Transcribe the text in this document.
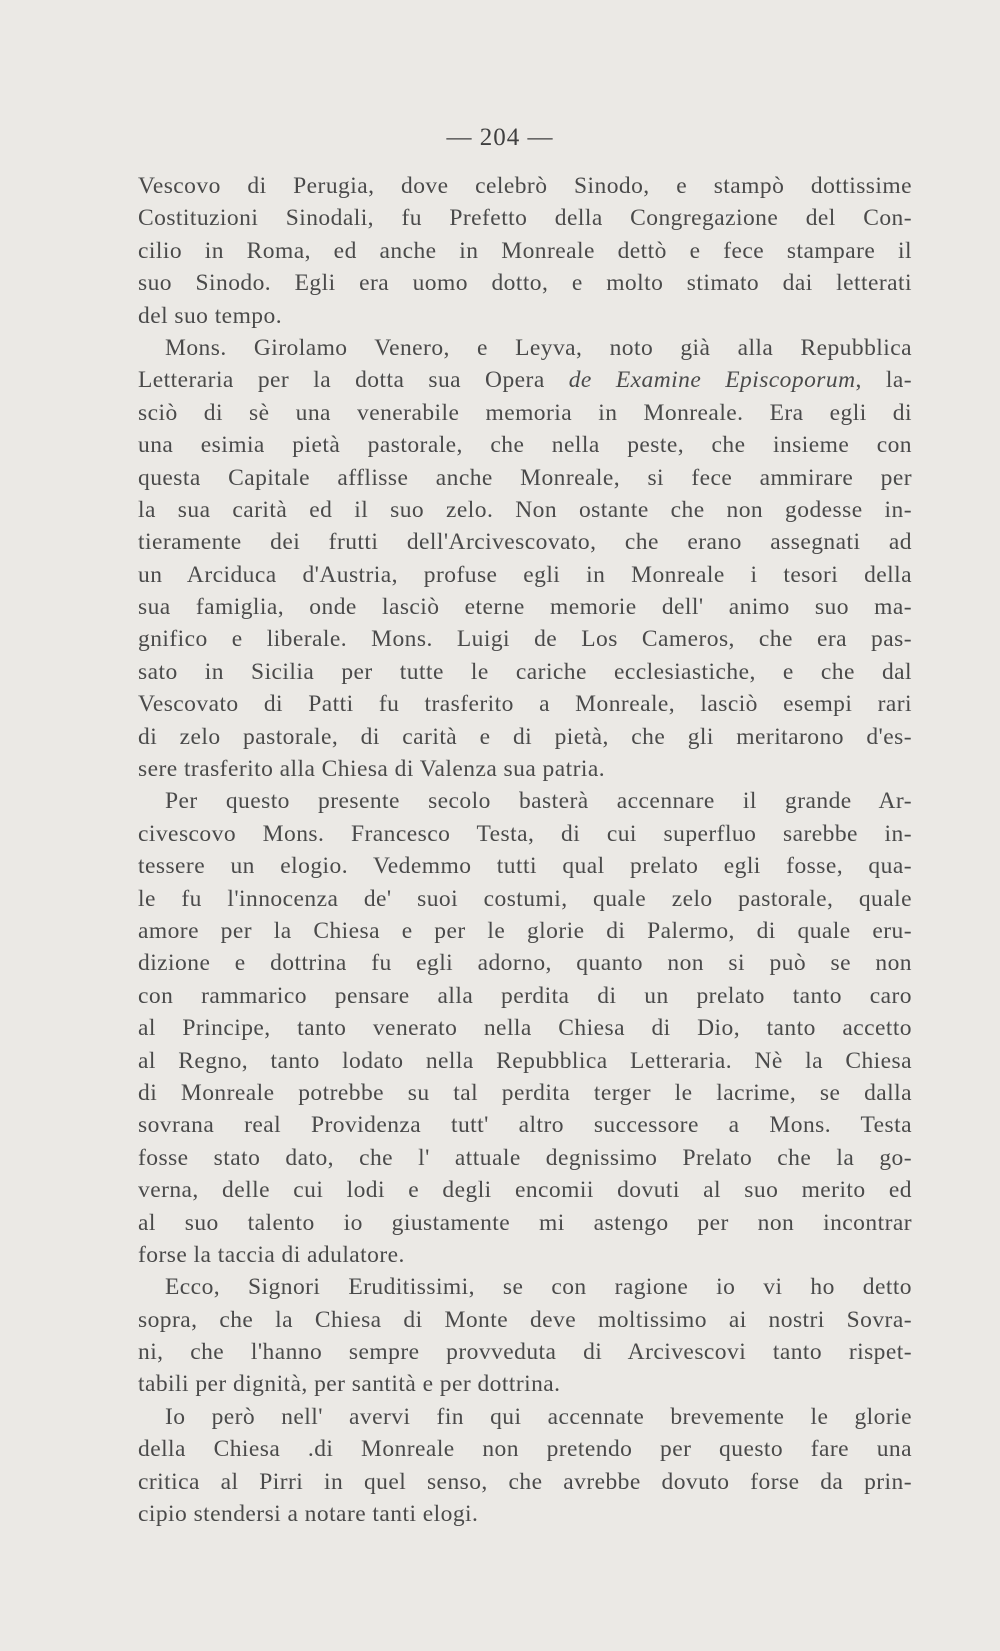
— 204 —
Vescovo di Perugia, dove celebrò Sinodo, e stampò dottissime
Costituzioni Sinodali, fu Prefetto della Congregazione del Con-
cilio in Roma, ed anche in Monreale dettò e fece stampare il
suo Sinodo. Egli era uomo dotto, e molto stimato dai letterati
del suo tempo.
Mons. Girolamo Venero, e Leyva, noto già alla Repubblica
Letteraria per la dotta sua Opera de Examine Episcoporum, la-
sciò di sè una venerabile memoria in Monreale. Era egli di
una esimia pietà pastorale, che nella peste, che insieme con
questa Capitale afflisse anche Monreale, si fece ammirare per
la sua carità ed il suo zelo. Non ostante che non godesse in-
tieramente dei frutti dell'Arcivescovato, che erano assegnati ad
un Arciduca d'Austria, profuse egli in Monreale i tesori della
sua famiglia, onde lasciò eterne memorie dell' animo suo ma-
gnifico e liberale. Mons. Luigi de Los Cameros, che era pas-
sato in Sicilia per tutte le cariche ecclesiastiche, e che dal
Vescovato di Patti fu trasferito a Monreale, lasciò esempi rari
di zelo pastorale, di carità e di pietà, che gli meritarono d'es-
sere trasferito alla Chiesa di Valenza sua patria.
Per questo presente secolo basterà accennare il grande Ar-
civescovo Mons. Francesco Testa, di cui superfluo sarebbe in-
tessere un elogio. Vedemmo tutti qual prelato egli fosse, qua-
le fu l'innocenza de' suoi costumi, quale zelo pastorale, quale
amore per la Chiesa e per le glorie di Palermo, di quale eru-
dizione e dottrina fu egli adorno, quanto non si può se non
con rammarico pensare alla perdita di un prelato tanto caro
al Principe, tanto venerato nella Chiesa di Dio, tanto accetto
al Regno, tanto lodato nella Repubblica Letteraria. Nè la Chiesa
di Monreale potrebbe su tal perdita terger le lacrime, se dalla
sovrana real Providenza tutt' altro successore a Mons. Testa
fosse stato dato, che l' attuale degnissimo Prelato che la go-
verna, delle cui lodi e degli encomii dovuti al suo merito ed
al suo talento io giustamente mi astengo per non incontrar
forse la taccia di adulatore.
Ecco, Signori Eruditissimi, se con ragione io vi ho detto
sopra, che la Chiesa di Monte deve moltissimo ai nostri Sovra-
ni, che l'hanno sempre provveduta di Arcivescovi tanto rispet-
tabili per dignità, per santità e per dottrina.
Io però nell' avervi fin qui accennate brevemente le glorie
della Chiesa .di Monreale non pretendo per questo fare una
critica al Pirri in quel senso, che avrebbe dovuto forse da prin-
cipio stendersi a notare tanti elogi.
